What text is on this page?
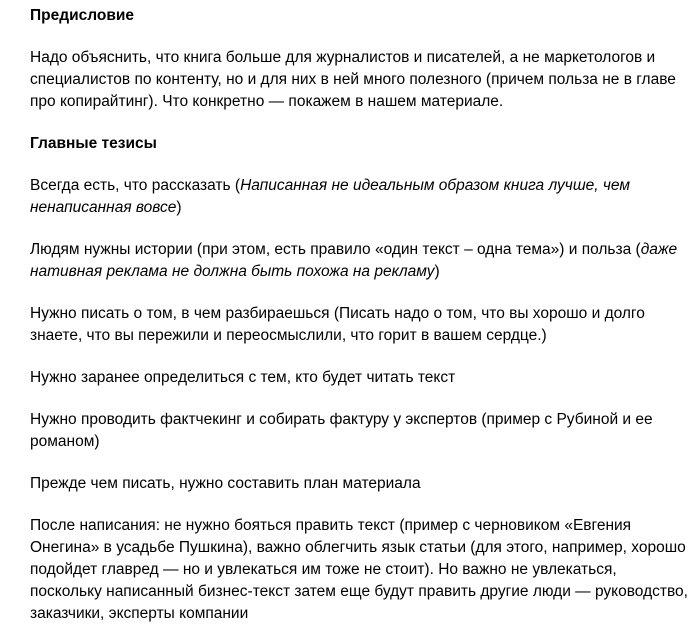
Предисловие

Надо объяснить, что книга больше для журналистов и писателей, а не маркетологов и специалистов по контенту, но и для них в ней много полезного (причем польза не в главе про копирайтинг). Что конкретно — покажем в нашем материале.

Главные тезисы

Всегда есть, что рассказать (Написанная не идеальным образом книга лучше, чем ненаписанная вовсе)

Людям нужны истории (при этом, есть правило «один текст – одна тема») и польза (даже нативная реклама не должна быть похожа на рекламу)

Нужно писать о том, в чем разбираешься (Писать надо о том, что вы хорошо и долго знаете, что вы пережили и переосмыслили, что горит в вашем сердце.)

Нужно заранее определиться с тем, кто будет читать текст

Нужно проводить фактчекинг и собирать фактуру у экспертов (пример с Рубиной и ее романом)

Прежде чем писать, нужно составить план материала

После написания: не нужно бояться править текст (пример с черновиком «Евгения Онегина» в усадьбе Пушкина), важно облегчить язык статьи (для этого, например, хорошо подойдет главред — но и увлекаться им тоже не стоит). Но важно не увлекаться, поскольку написанный бизнес-текст затем еще будут править другие люди — руководство, заказчики, эксперты компании
